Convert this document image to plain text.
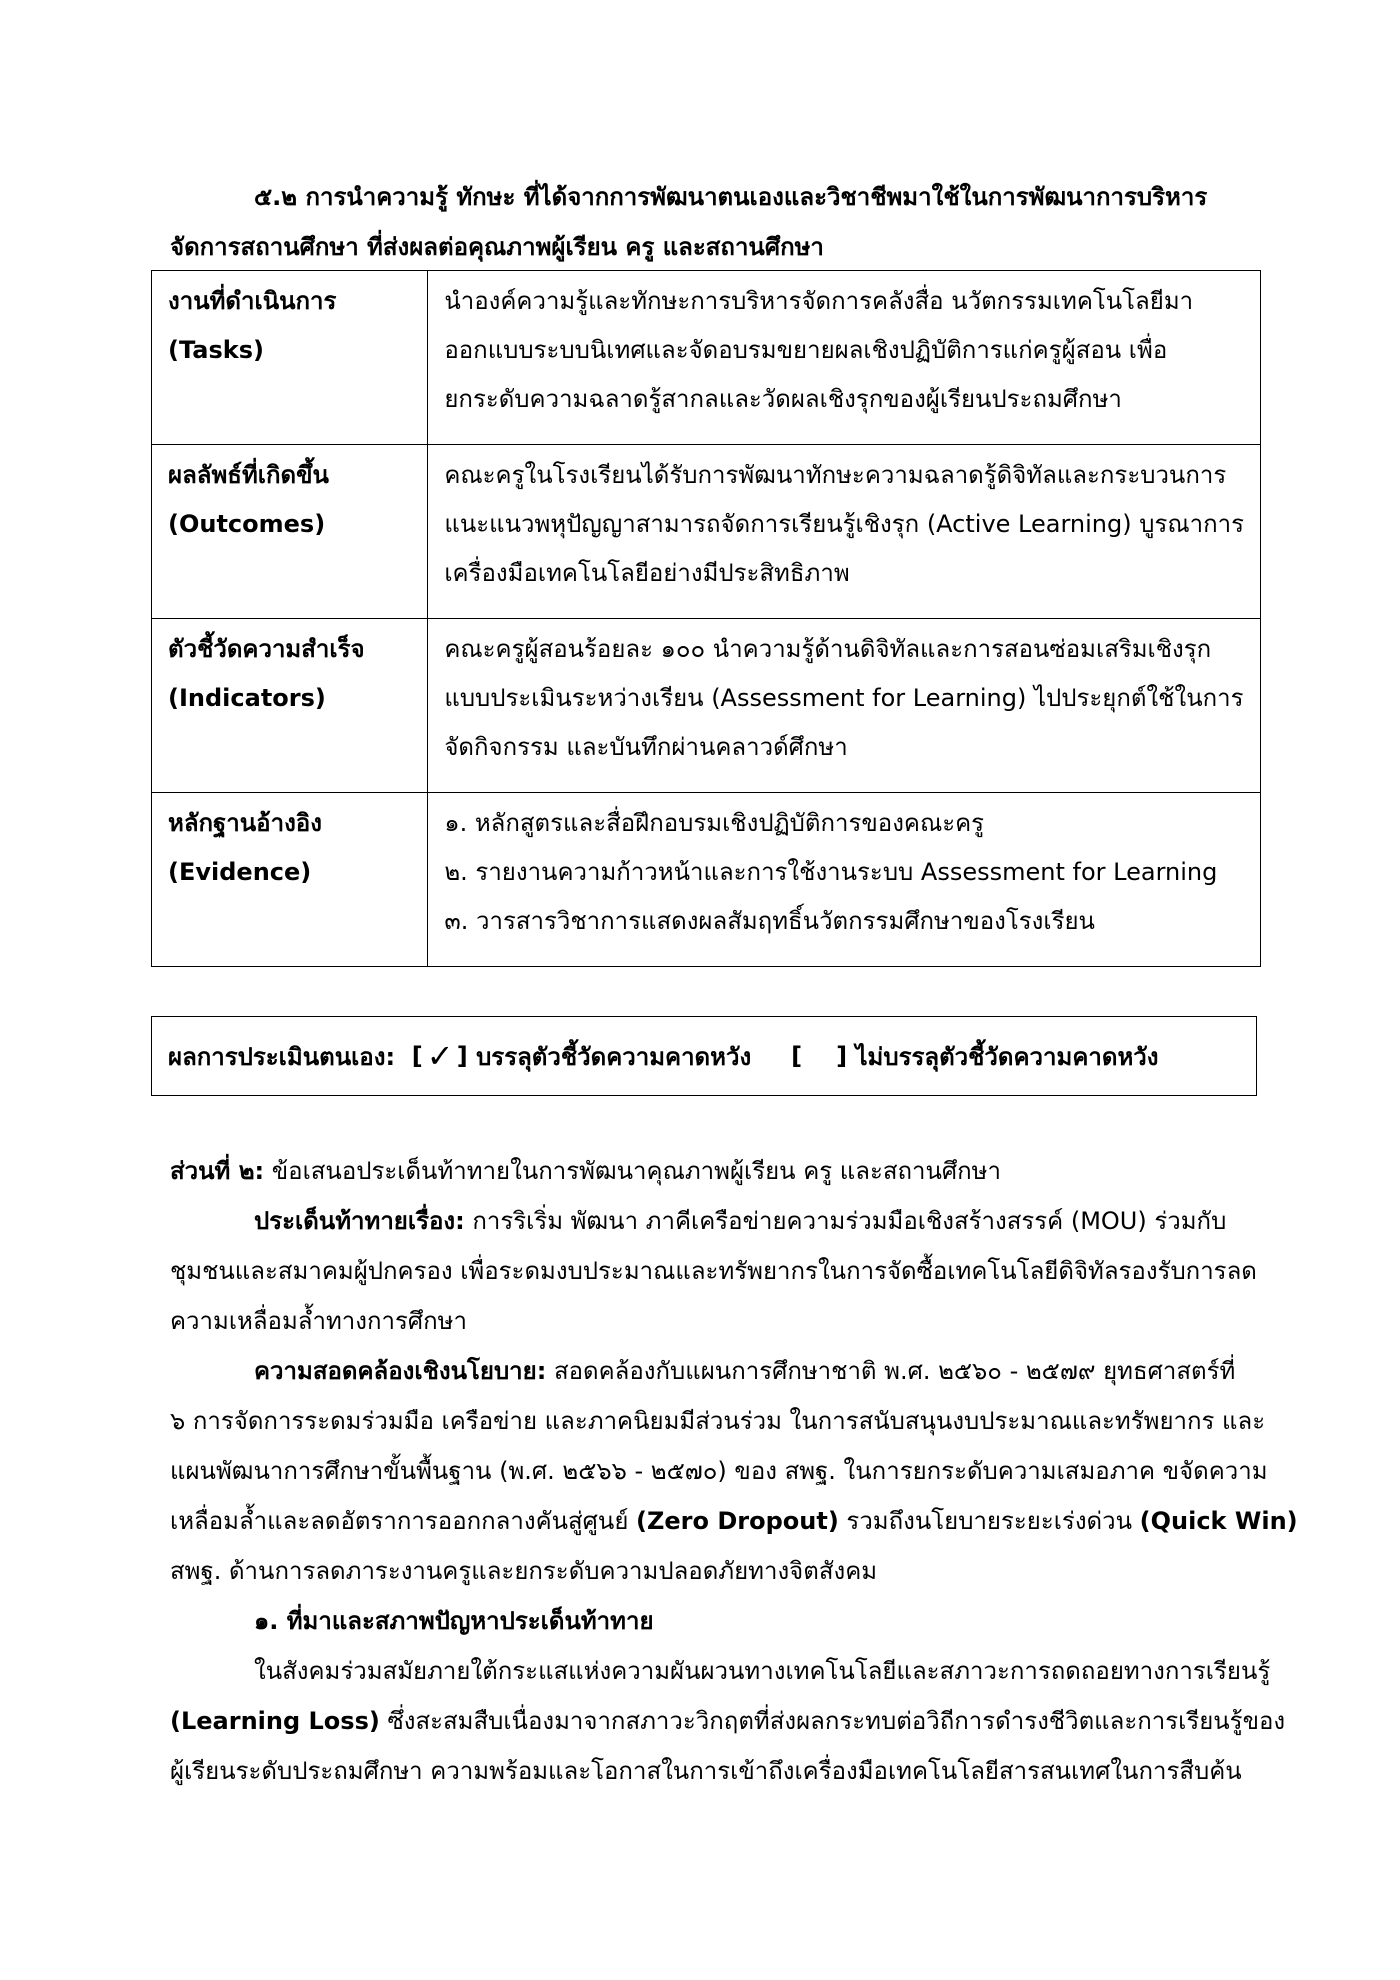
๕.๒ การนำความรู้ ทักษะ ที่ได้จากการพัฒนาตนเองและวิชาชีพมาใช้ในการพัฒนาการบริหาร
จัดการสถานศึกษา ที่ส่งผลต่อคุณภาพผู้เรียน ครู และสถานศึกษา
งานที่ดำเนินการ (Tasks)	นำองค์ความรู้และทักษะการบริหารจัดการคลังสื่อ นวัตกรรมเทคโนโลยีมา
ออกแบบระบบนิเทศและจัดอบรมขยายผลเชิงปฏิบัติการแก่ครูผู้สอน เพื่อ
ยกระดับความฉลาดรู้สากลและวัดผลเชิงรุกของผู้เรียนประถมศึกษา

ผลลัพธ์ที่เกิดขึ้น
(Outcomes)	คณะครูในโรงเรียนได้รับการพัฒนาทักษะความฉลาดรู้ดิจิทัลและกระบวนการ
แนะแนวพหุปัญญาสามารถจัดการเรียนรู้เชิงรุก (Active Learning) บูรณาการ
เครื่องมือเทคโนโลยีอย่างมีประสิทธิภาพ

ตัวชี้วัดความสำเร็จ
(Indicators)	คณะครูผู้สอนร้อยละ ๑๐๐ นำความรู้ด้านดิจิทัลและการสอนซ่อมเสริมเชิงรุก
แบบประเมินระหว่างเรียน (Assessment for Learning) ไปประยุกต์ใช้ในการ
จัดกิจกรรม และบันทึกผ่านคลาวด์ศึกษา

หลักฐานอ้างอิง
(Evidence)	๑. หลักสูตรและสื่อฝึกอบรมเชิงปฏิบัติการของคณะครู
๒. รายงานความก้าวหน้าและการใช้งานระบบ Assessment for Learning
๓. วารสารวิชาการแสดงผลสัมฤทธิ์นวัตกรรมศึกษาของโรงเรียน
ผลการประเมินตนเอง:
[ ✓ ]
บรรลุตัวชี้วัดความคาดหวัง [ ]
ไม่บรรลุตัวชี้วัดความคาดหวัง
ส่วนที่ ๒: ข้อเสนอประเด็นท้าทายในการพัฒนาคุณภาพผู้เรียน ครู และสถานศึกษา
ประเด็นท้าทายเรื่อง: การริเริ่ม พัฒนา ภาคีเครือข่ายความร่วมมือเชิงสร้างสรรค์ (MOU) ร่วมกับ
ชุมชนและสมาคมผู้ปกครอง เพื่อระดมงบประมาณและทรัพยากรในการจัดซื้อเทคโนโลยีดิจิทัลรองรับการลด
ความเหลื่อมล้ำทางการศึกษา
ความสอดคล้องเชิงนโยบาย: สอดคล้องกับแผนการศึกษาชาติ พ.ศ. ๒๕๖๐ - ๒๕๗๙ ยุทธศาสตร์ที่
๖ การจัดการระดมร่วมมือ เครือข่าย และภาคนิยมมีส่วนร่วม ในการสนับสนุนงบประมาณและทรัพยากร และ
แผนพัฒนาการศึกษาขั้นพื้นฐาน (พ.ศ. ๒๕๖๖ - ๒๕๗๐) ของ สพฐ. ในการยกระดับความเสมอภาค ขจัดความ
เหลื่อมล้ำและลดอัตราการออกกลางคันสู่ศูนย์ (Zero Dropout) รวมถึงนโยบายระยะเร่งด่วน (Quick Win)
สพฐ. ด้านการลดภาระงานครูและยกระดับความปลอดภัยทางจิตสังคม
๑. ที่มาและสภาพปัญหาประเด็นท้าทาย
ในสังคมร่วมสมัยภายใต้กระแสแห่งความผันผวนทางเทคโนโลยีและสภาวะการถดถอยทางการเรียนรู้
(Learning Loss) ซึ่งสะสมสืบเนื่องมาจากสภาวะวิกฤตที่ส่งผลกระทบต่อวิถีการดำรงชีวิตและการเรียนรู้ของ
ผู้เรียนระดับประถมศึกษา ความพร้อมและโอกาสในการเข้าถึงเครื่องมือเทคโนโลยีสารสนเทศในการสืบค้น
